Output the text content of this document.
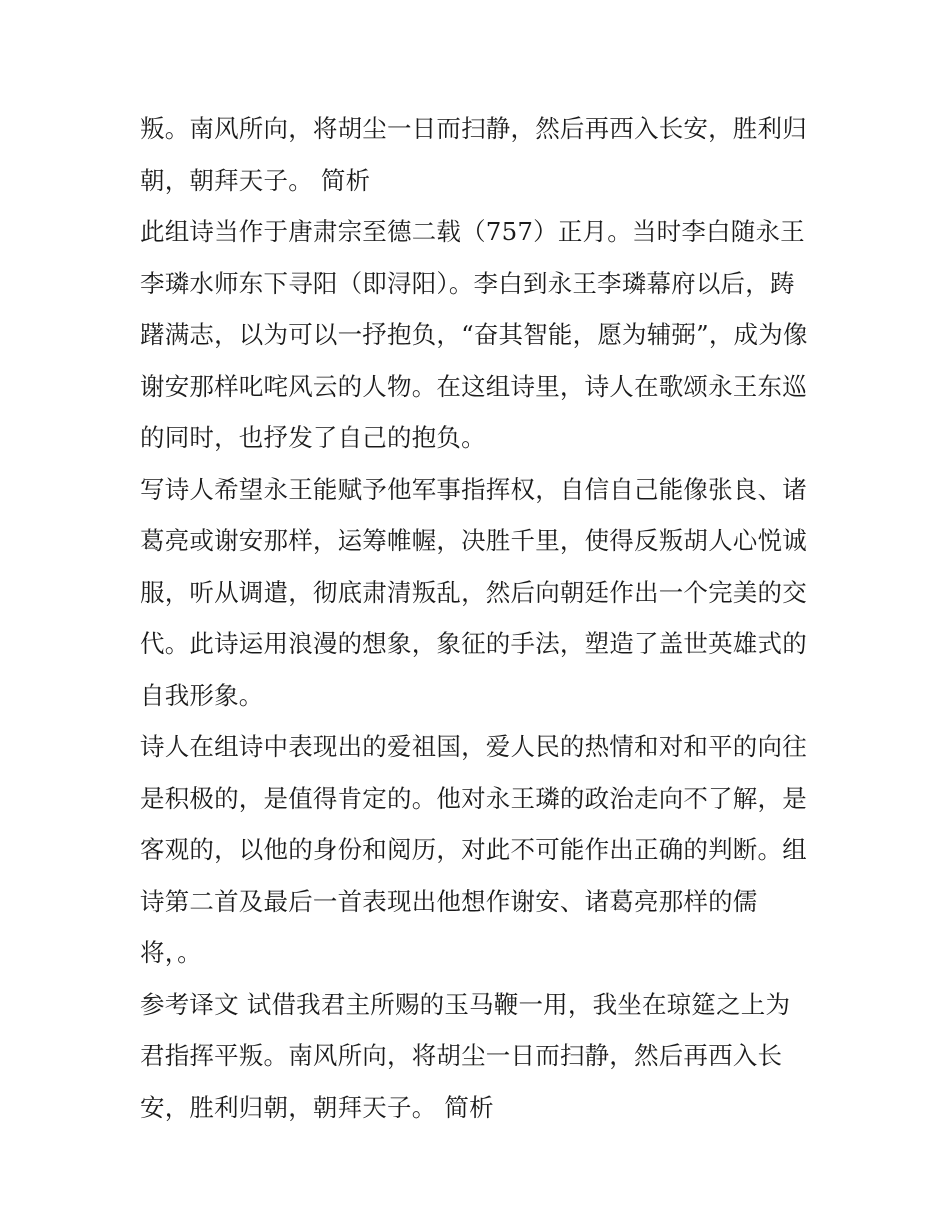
叛。南风所向，将胡尘一日而扫静，然后再西入长安，胜利归
朝，朝拜天子。 简析
此组诗当作于唐肃宗至德二载（757）正月。当时李白随永王
李璘水师东下寻阳（即浔阳）。李白到永王李璘幕府以后，踌
躇满志，以为可以一抒抱负，“奋其智能，愿为辅弼”，成为像
谢安那样叱咤风云的人物。在这组诗里，诗人在歌颂永王东巡
的同时，也抒发了自己的抱负。
写诗人希望永王能赋予他军事指挥权，自信自己能像张良、诸
葛亮或谢安那样，运筹帷幄，决胜千里，使得反叛胡人心悦诚
服，听从调遣，彻底肃清叛乱，然后向朝廷作出一个完美的交
代。此诗运用浪漫的想象，象征的手法，塑造了盖世英雄式的
自我形象。
诗人在组诗中表现出的爱祖国，爱人民的热情和对和平的向往
是积极的，是值得肯定的。他对永王璘的政治走向不了解，是
客观的，以他的身份和阅历，对此不可能作出正确的判断。组
诗第二首及最后一首表现出他想作谢安、诸葛亮那样的儒
将，。
参考译文 试借我君主所赐的玉马鞭一用，我坐在琼筵之上为
君指挥平叛。南风所向，将胡尘一日而扫静，然后再西入长
安，胜利归朝，朝拜天子。 简析
